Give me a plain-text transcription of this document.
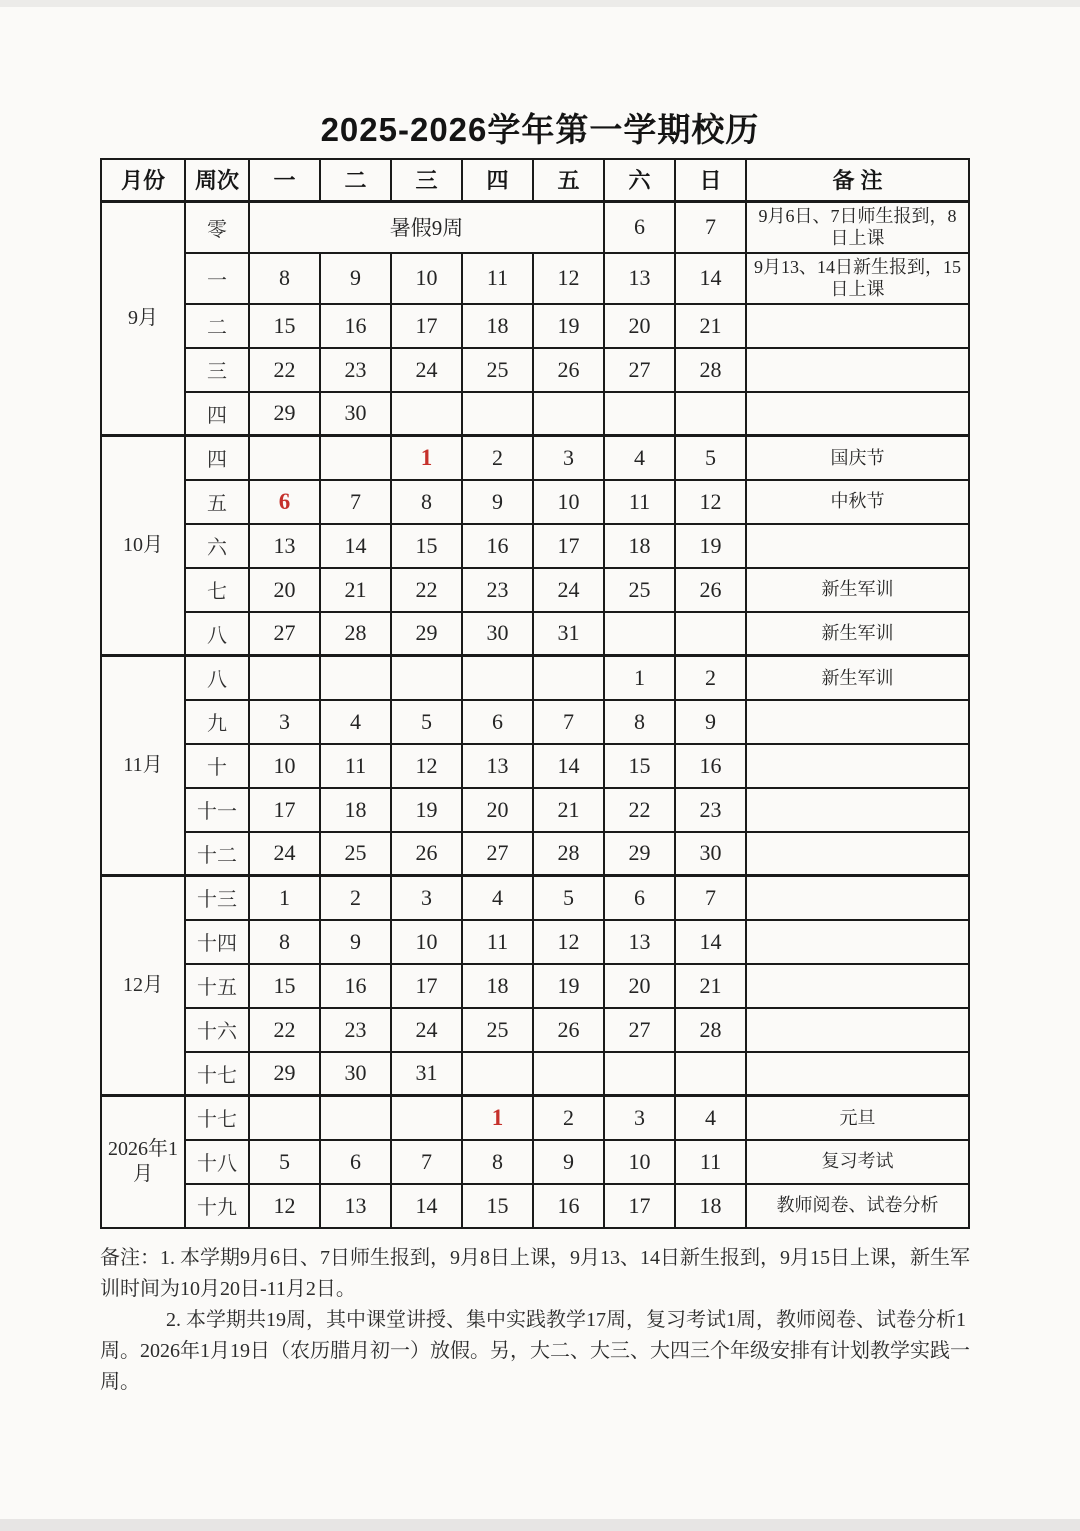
2025-2026学年第一学期校历
月份	周次	一	二	三	四	五	六	日	备 注
9月	零	暑假9周					6	7	9月6日、7日师生报到，8日上课
	一	8	9	10	11	12	13	14	9月13、14日新生报到，15日上课
	二	15	16	17	18	19	20	21	
	三	22	23	24	25	26	27	28	
	四	29	30						
10月	四			1	2	3	4	5	国庆节
	五	6	7	8	9	10	11	12	中秋节
	六	13	14	15	16	17	18	19	
	七	20	21	22	23	24	25	26	新生军训
	八	27	28	29	30	31			新生军训
11月	八						1	2	新生军训
	九	3	4	5	6	7	8	9	
	十	10	11	12	13	14	15	16	
	十一	17	18	19	20	21	22	23	
	十二	24	25	26	27	28	29	30	
12月	十三	1	2	3	4	5	6	7	
	十四	8	9	10	11	12	13	14	
	十五	15	16	17	18	19	20	21	
	十六	22	23	24	25	26	27	28	
	十七	29	30	31					
2026年1月	十七				1	2	3	4	元旦
	十八	5	6	7	8	9	10	11	复习考试
	十九	12	13	14	15	16	17	18	教师阅卷、试卷分析

备注：1. 本学期9月6日、7日师生报到，9月8日上课，9月13、14日新生报到，9月15日上课，新生军训时间为10月20日-11月2日。

2. 本学期共19周，其中课堂讲授、集中实践教学17周，复习考试1周，教师阅卷、试卷分析1周。2026年1月19日（农历腊月初一）放假。另，大二、大三、大四三个年级安排有计划教学实践一周。
